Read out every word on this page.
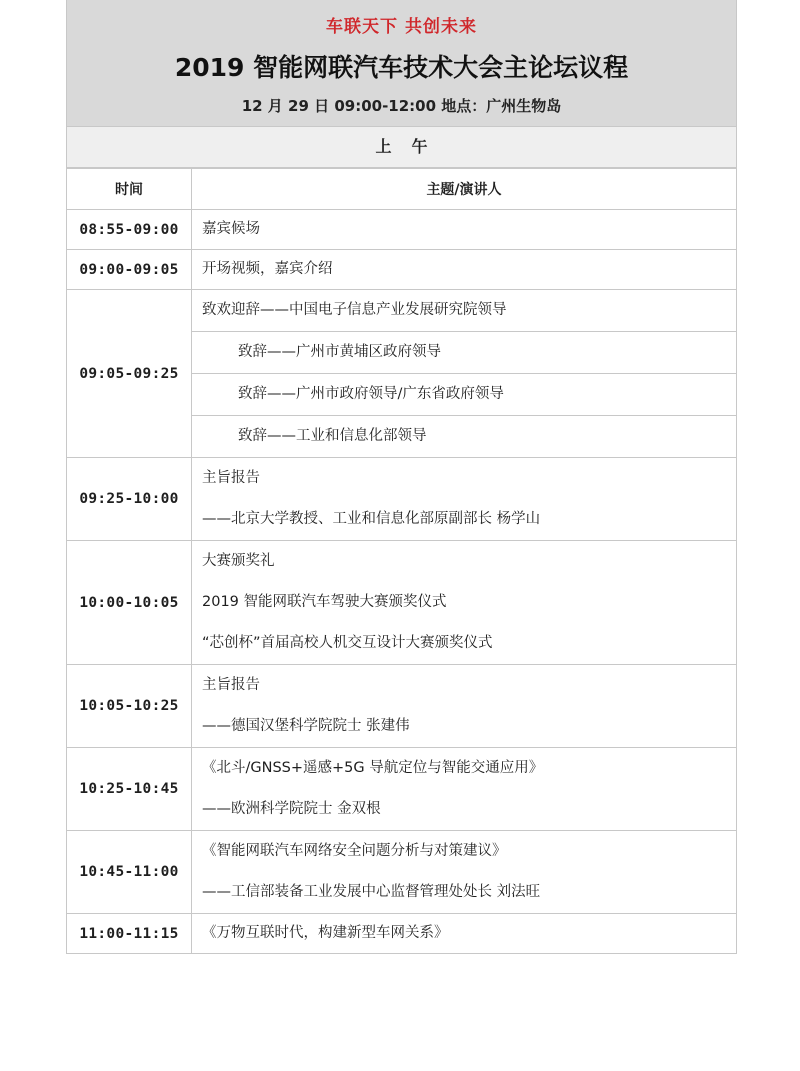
车联天下 共创未来
2019 智能网联汽车技术大会主论坛议程
12 月 29 日 09:00-12:00 地点：广州生物岛
上午
时间	主题/演讲人
08:55-09:00	嘉宾候场

09:00-09:05	开场视频，嘉宾介绍

09:05-09:25	致欢迎辞——中国电子信息产业发展研究院领导
致辞——广州市黄埔区政府领导
致辞——广州市政府领导/广东省政府领导
致辞——工业和信息化部领导

09:25-10:00	主旨报告
——北京大学教授、工业和信息化部原副部长 杨学山

10:00-10:05	大赛颁奖礼
2019 智能网联汽车驾驶大赛颁奖仪式
“芯创杯”首届高校人机交互设计大赛颁奖仪式

10:05-10:25	主旨报告
——德国汉堡科学院院士 张建伟

10:25-10:45	《北斗/GNSS+遥感+5G 导航定位与智能交通应用》
——欧洲科学院院士 金双根

10:45-11:00	《智能网联汽车网络安全问题分析与对策建议》
——工信部装备工业发展中心监督管理处处长 刘法旺

11:00-11:15	《万物互联时代，构建新型车网关系》
